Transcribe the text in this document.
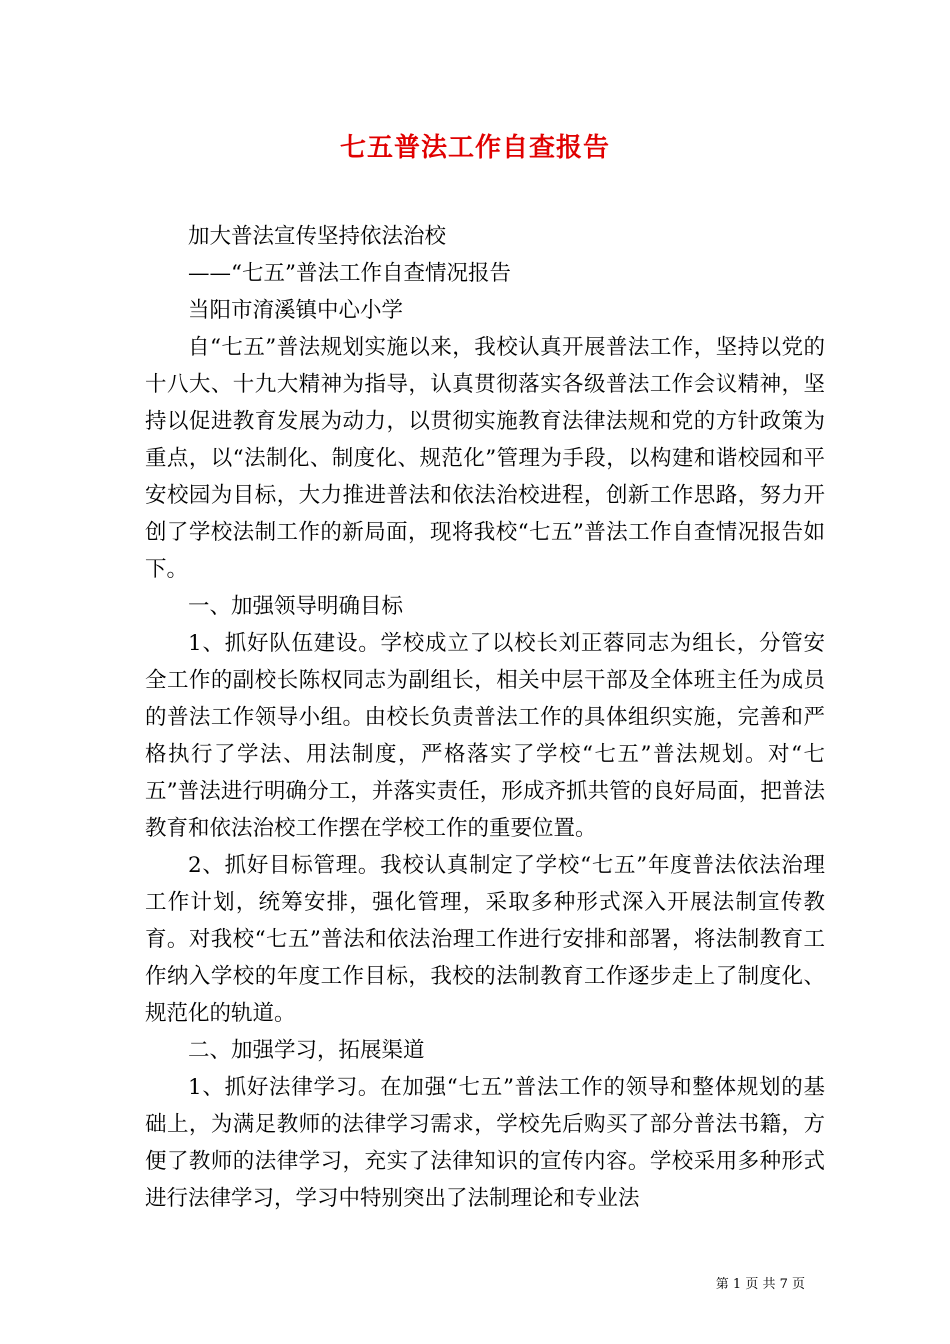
七五普法工作自查报告

加大普法宣传坚持依法治校

——“七五”普法工作自查情况报告

当阳市淯溪镇中心小学

自“七五”普法规划实施以来，我校认真开展普法工作，坚持以党的十八大、十九大精神为指导，认真贯彻落实各级普法工作会议精神，坚持以促进教育发展为动力，以贯彻实施教育法律法规和党的方针政策为重点，以“法制化、制度化、规范化”管理为手段，以构建和谐校园和平安校园为目标，大力推进普法和依法治校进程，创新工作思路，努力开创了学校法制工作的新局面，现将我校“七五”普法工作自查情况报告如下。

一、加强领导明确目标

1、抓好队伍建设。学校成立了以校长刘正蓉同志为组长，分管安全工作的副校长陈权同志为副组长，相关中层干部及全体班主任为成员的普法工作领导小组。由校长负责普法工作的具体组织实施，完善和严格执行了学法、用法制度，严格落实了学校“七五”普法规划。对“七五”普法进行明确分工，并落实责任，形成齐抓共管的良好局面，把普法教育和依法治校工作摆在学校工作的重要位置。

2、抓好目标管理。我校认真制定了学校“七五”年度普法依法治理工作计划，统筹安排，强化管理，采取多种形式深入开展法制宣传教育。对我校“七五”普法和依法治理工作进行安排和部署，将法制教育工作纳入学校的年度工作目标，我校的法制教育工作逐步走上了制度化、规范化的轨道。

二、加强学习，拓展渠道

1、抓好法律学习。在加强“七五”普法工作的领导和整体规划的基础上，为满足教师的法律学习需求，学校先后购买了部分普法书籍，方便了教师的法律学习，充实了法律知识的宣传内容。学校采用多种形式进行法律学习，学习中特别突出了法制理论和专业法

第 1 页 共 7 页
